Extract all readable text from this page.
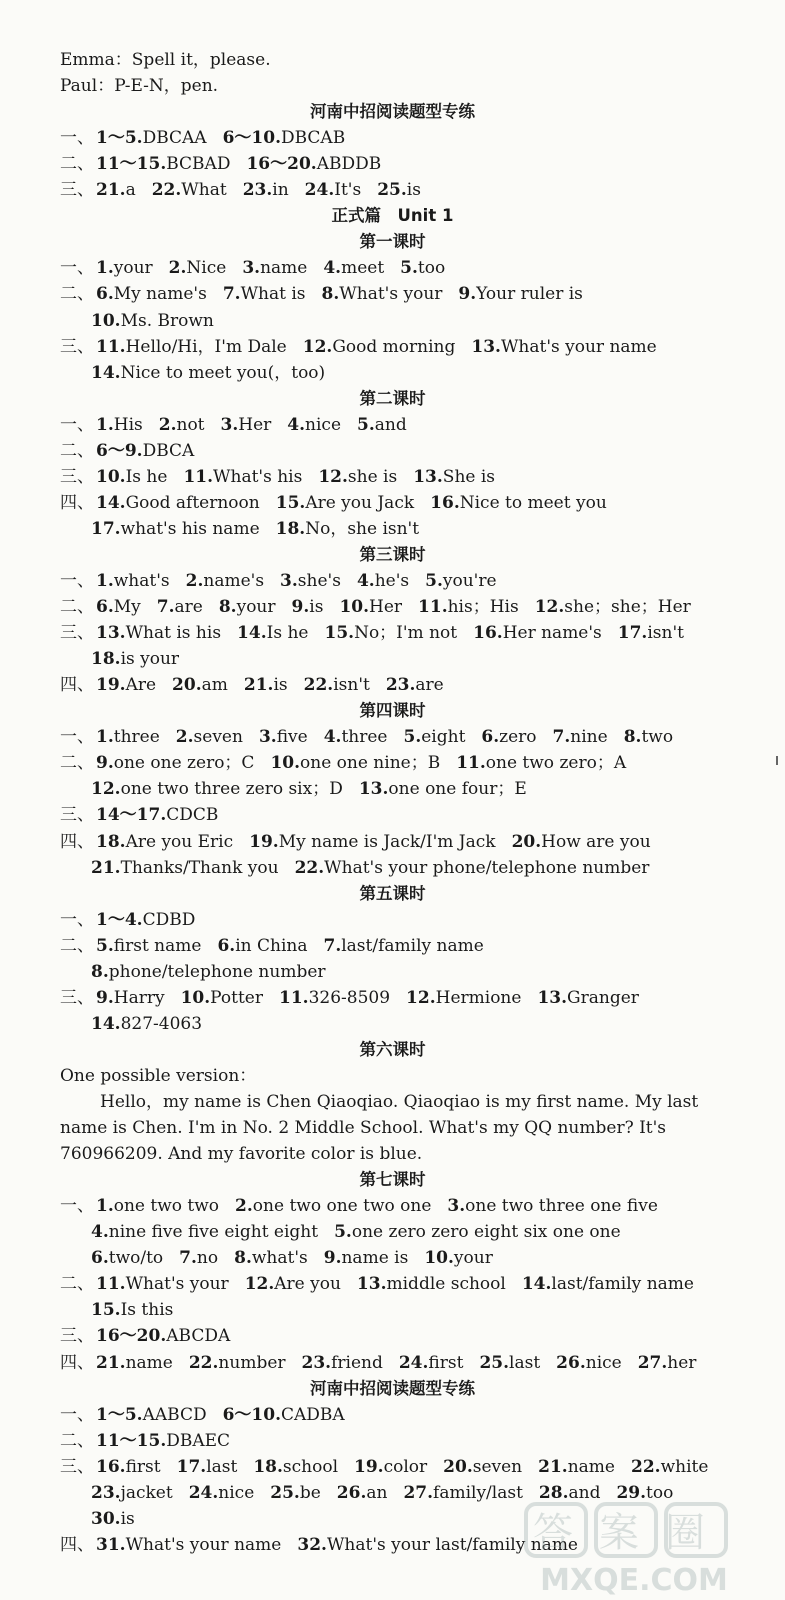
Emma：Spell it，please.
Paul：P-E-N，pen.
河南中招阅读题型专练
一、 1～5.DBCAA 6～10.DBCAB
二、 11～15.BCBAD 16～20.ABDDB
三、 21.a 22.What 23.in 24.It's 25.is
正式篇　Unit 1
第一课时
一、 1.your 2.Nice 3.name 4.meet 5.too
二、 6.My name's 7.What is 8.What's your 9.Your ruler is
10.Ms. Brown
三、 11.Hello/Hi，I'm Dale 12.Good morning 13.What's your name
14.Nice to meet you(，too)
第二课时
一、 1.His 2.not 3.Her 4.nice 5.and
二、 6～9.DBCA
三、 10.Is he 11.What's his 12.she is 13.She is
四、 14.Good afternoon 15.Are you Jack 16.Nice to meet you
17.what's his name 18.No，she isn't
第三课时
一、 1.what's 2.name's 3.she's 4.he's 5.you're
二、 6.My 7.are 8.your 9.is 10.Her 11.his；His 12.she；she；Her
三、 13.What is his 14.Is he 15.No；I'm not 16.Her name's 17.isn't
18.is your
四、 19.Are 20.am 21.is 22.isn't 23.are
第四课时
一、 1.three 2.seven 3.five 4.three 5.eight 6.zero 7.nine 8.two
二、 9.one one zero；C 10.one one nine；B 11.one two zero；A
12.one two three zero six；D 13.one one four；E
三、 14～17.CDCB
四、 18.Are you Eric 19.My name is Jack/I'm Jack 20.How are you
21.Thanks/Thank you 22.What's your phone/telephone number
第五课时
一、 1～4.CDBD
二、 5.first name 6.in China 7.last/family name
8.phone/telephone number
三、 9.Harry 10.Potter 11.326-8509 12.Hermione 13.Granger
14.827-4063
第六课时
One possible version：
Hello，my name is Chen Qiaoqiao. Qiaoqiao is my first name. My last
name is Chen. I'm in No. 2 Middle School. What's my QQ number? It's
760966209. And my favorite color is blue.
第七课时
一、 1.one two two 2.one two one two one 3.one two three one five
4.nine five five eight eight 5.one zero zero eight six one one
6.two/to 7.no 8.what's 9.name is 10.your
二、 11.What's your 12.Are you 13.middle school 14.last/family name
15.Is this
三、 16～20.ABCDA
四、 21.name 22.number 23.friend 24.first 25.last 26.nice 27.her
河南中招阅读题型专练
一、 1～5.AABCD 6～10.CADBA
二、 11～15.DBAEC
三、 16.first 17.last 18.school 19.color 20.seven 21.name 22.white
23.jacket 24.nice 25.be 26.an 27.family/last 28.and 29.too
30.is
四、 31.What's your name 32.What's your last/family name
答案圈
MXQE.COM
